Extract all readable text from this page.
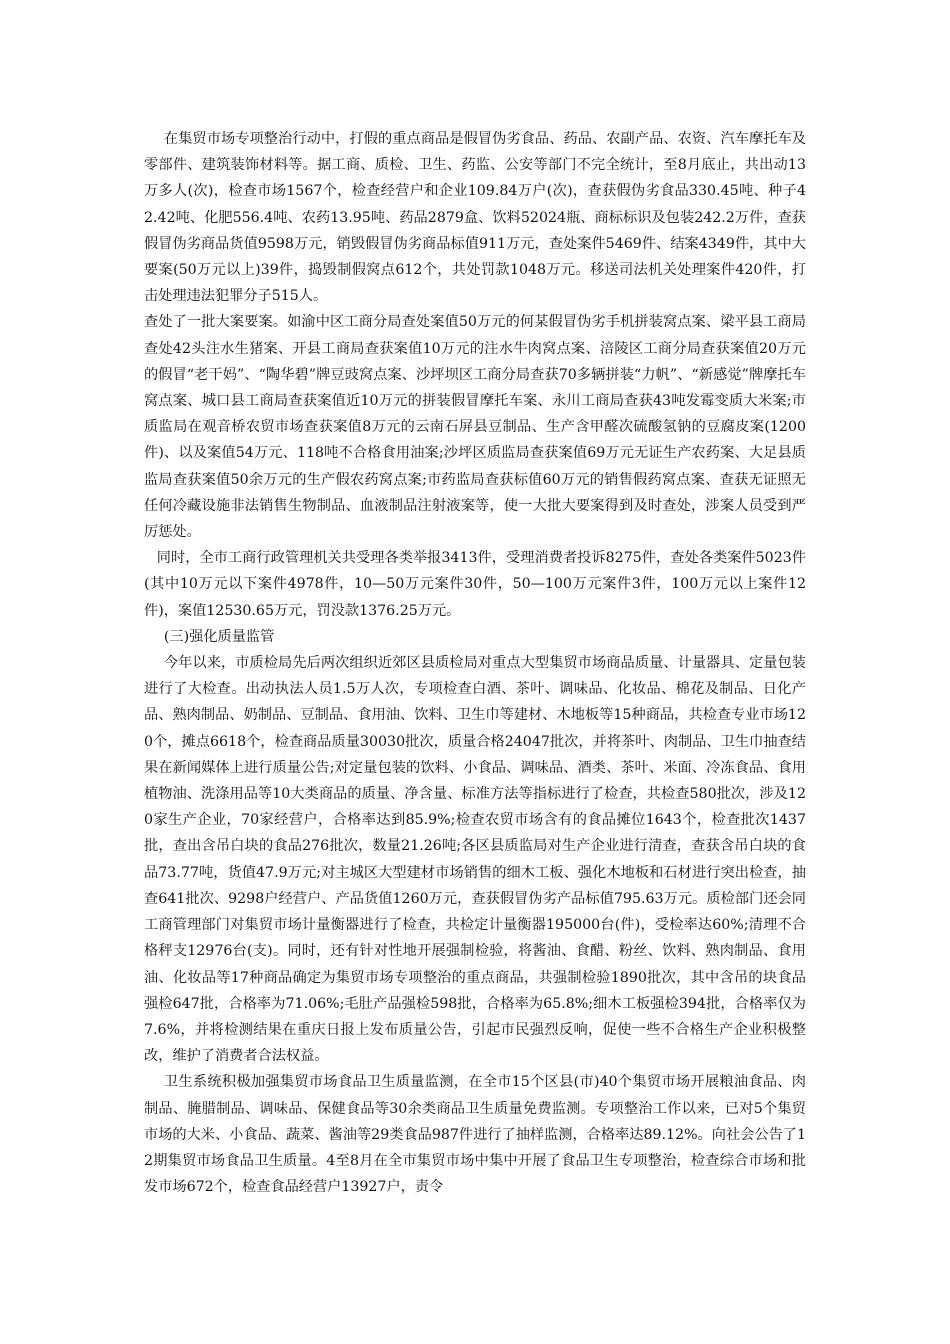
在集贸市场专项整治行动中，打假的重点商品是假冒伪劣食品、药品、农副产品、农资、汽车摩托车及零部件、建筑装饰材料等。据工商、质检、卫生、药监、公安等部门不完全统计，至8月底止，共出动13万多人(次)，检查市场1567个，检查经营户和企业109.84万户(次)，查获假伪劣食品330.45吨、种子42.42吨、化肥556.4吨、农药13.95吨、药品2879盒、饮料52024瓶、商标标识及包装242.2万件，查获假冒伪劣商品货值9598万元，销毁假冒伪劣商品标值911万元，查处案件5469件、结案4349件，其中大要案(50万元以上)39件，捣毁制假窝点612个，共处罚款1048万元。移送司法机关处理案件420件，打击处理违法犯罪分子515人。

查处了一批大案要案。如渝中区工商分局查处案值50万元的何某假冒伪劣手机拼装窝点案、梁平县工商局查处42头注水生猪案、开县工商局查获案值10万元的注水牛肉窝点案、涪陵区工商分局查获案值20万元的假冒“老干妈”、“陶华碧”牌豆豉窝点案、沙坪坝区工商分局查获70多辆拼装“力帆”、“新感觉”牌摩托车窝点案、城口县工商局查获案值近10万元的拼装假冒摩托车案、永川工商局查获43吨发霉变质大米案;市质监局在观音桥农贸市场查获案值8万元的云南石屏县豆制品、生产含甲醛次硫酸氢钠的豆腐皮案(1200件)、以及案值54万元、118吨不合格食用油案;沙坪区质监局查获案值69万元无证生产农药案、大足县质监局查获案值50余万元的生产假农药窝点案;市药监局查获标值60万元的销售假药窝点案、查获无证照无任何冷藏设施非法销售生物制品、血液制品注射液案等，使一大批大要案得到及时查处，涉案人员受到严厉惩处。

同时，全市工商行政管理机关共受理各类举报3413件，受理消费者投诉8275件，查处各类案件5023件(其中10万元以下案件4978件，10—50万元案件30件，50—100万元案件3件，100万元以上案件12件)，案值12530.65万元，罚没款1376.25万元。

(三)强化质量监管

今年以来，市质检局先后两次组织近郊区县质检局对重点大型集贸市场商品质量、计量器具、定量包装进行了大检查。出动执法人员1.5万人次，专项检查白酒、茶叶、调味品、化妆品、棉花及制品、日化产品、熟肉制品、奶制品、豆制品、食用油、饮料、卫生巾等建材、木地板等15种商品，共检查专业市场120个，摊点6618个，检查商品质量30030批次，质量合格24047批次，并将茶叶、肉制品、卫生巾抽查结果在新闻媒体上进行质量公告;对定量包装的饮料、小食品、调味品、酒类、茶叶、米面、冷冻食品、食用植物油、洗涤用品等10大类商品的质量、净含量、标准方法等指标进行了检查，共检查580批次，涉及120家生产企业，70家经营户，合格率达到85.9%;检查农贸市场含有的食品摊位1643个，检查批次1437批，查出含吊白块的食品276批次，数量21.26吨;各区县质监局对生产企业进行清查，查获含吊白块的食品73.77吨，货值47.9万元;对主城区大型建材市场销售的细木工板、强化木地板和石材进行突出检查，抽查641批次、9298户经营户、产品货值1260万元，查获假冒伪劣产品标值795.63万元。质检部门还会同工商管理部门对集贸市场计量衡器进行了检查，共检定计量衡器195000台(件)，受检率达60%;清理不合格秤支12976台(支)。同时，还有针对性地开展强制检验，将酱油、食醋、粉丝、饮料、熟肉制品、食用油、化妆品等17种商品确定为集贸市场专项整治的重点商品，共强制检验1890批次，其中含吊的块食品强检647批，合格率为71.06%;毛肚产品强检598批，合格率为65.8%;细木工板强检394批，合格率仅为7.6%，并将检测结果在重庆日报上发布质量公告，引起市民强烈反响，促使一些不合格生产企业积极整改，维护了消费者合法权益。

卫生系统积极加强集贸市场食品卫生质量监测，在全市15个区县(市)40个集贸市场开展粮油食品、肉制品、腌腊制品、调味品、保健食品等30余类商品卫生质量免费监测。专项整治工作以来，已对5个集贸市场的大米、小食品、蔬菜、酱油等29类食品987件进行了抽样监测，合格率达89.12%。向社会公告了12期集贸市场食品卫生质量。4至8月在全市集贸市场中集中开展了食品卫生专项整治，检查综合市场和批发市场672个，检查食品经营户13927户，责令
